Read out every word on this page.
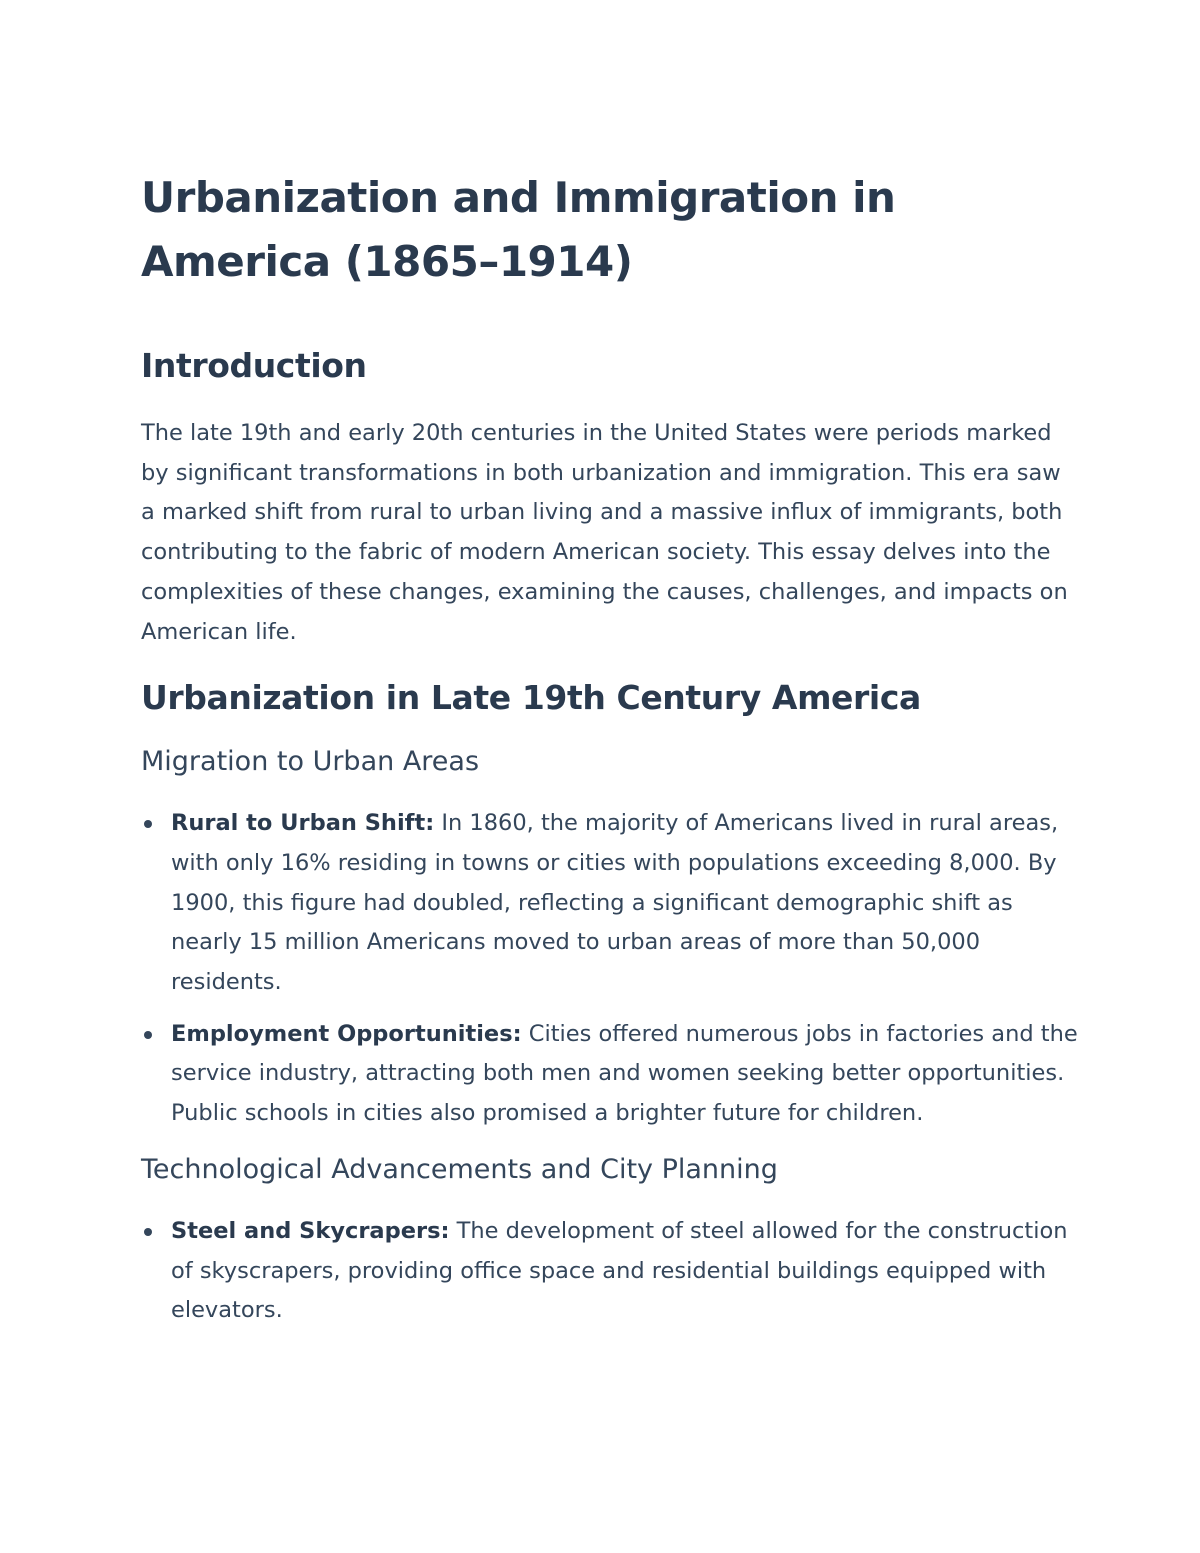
Urbanization and Immigration in America (1865–1914)
Introduction

The late 19th and early 20th centuries in the United States were periods marked by significant transformations in both urbanization and immigration. This era saw a marked shift from rural to urban living and a massive influx of immigrants, both contributing to the fabric of modern American society. This essay delves into the complexities of these changes, examining the causes, challenges, and impacts on American life.

Urbanization in Late 19th Century America
Migration to Urban Areas
Rural to Urban Shift: In 1860, the majority of Americans lived in rural areas, with only 16% residing in towns or cities with populations exceeding 8,000. By 1900, this figure had doubled, reflecting a significant demographic shift as nearly 15 million Americans moved to urban areas of more than 50,000 residents.
Employment Opportunities: Cities offered numerous jobs in factories and the service industry, attracting both men and women seeking better opportunities. Public schools in cities also promised a brighter future for children.
Technological Advancements and City Planning
Steel and Skycrapers: The development of steel allowed for the construction of skyscrapers, providing office space and residential buildings equipped with elevators.
